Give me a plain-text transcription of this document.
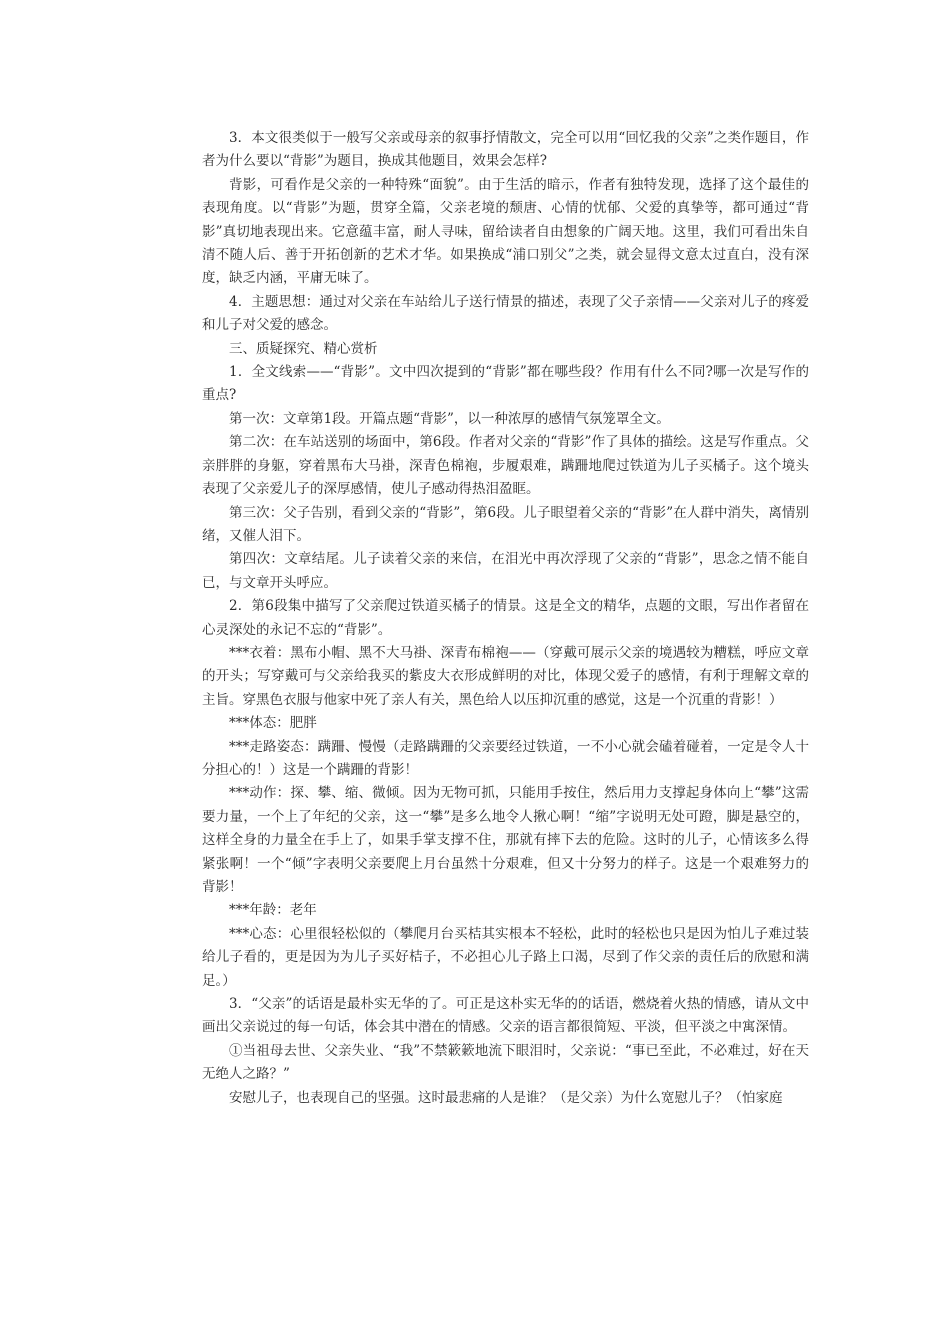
3．本文很类似于一般写父亲或母亲的叙事抒情散文，完全可以用“回忆我的父亲”之类作题目，作者为什么要以“背影”为题目，换成其他题目，效果会怎样?

背影，可看作是父亲的一种特殊“面貌”。由于生活的暗示，作者有独特发现，选择了这个最佳的表现角度。以“背影”为题，贯穿全篇，父亲老境的颓唐、心情的忧郁、父爱的真挚等，都可通过“背影”真切地表现出来。它意蕴丰富，耐人寻味，留给读者自由想象的广阔天地。这里，我们可看出朱自清不随人后、善于开拓创新的艺术才华。如果换成“浦口别父”之类，就会显得文意太过直白，没有深度，缺乏内涵，平庸无味了。

4．主题思想：通过对父亲在车站给儿子送行情景的描述，表现了父子亲情——父亲对儿子的疼爱和儿子对父爱的感念。

三、质疑探究、精心赏析

1．全文线索——“背影”。文中四次提到的“背影”都在哪些段？作用有什么不同?哪一次是写作的重点?

第一次：文章第1段。开篇点题“背影”，以一种浓厚的感情气氛笼罩全文。

第二次：在车站送别的场面中，第6段。作者对父亲的“背影”作了具体的描绘。这是写作重点。父亲胖胖的身躯，穿着黑布大马褂，深青色棉袍，步履艰难，蹒跚地爬过铁道为儿子买橘子。这个境头表现了父亲爱儿子的深厚感情，使儿子感动得热泪盈眶。

第三次：父子告别，看到父亲的“背影”，第6段。儿子眼望着父亲的“背影”在人群中消失，离情别绪，又催人泪下。

第四次：文章结尾。儿子读着父亲的来信，在泪光中再次浮现了父亲的“背影”，思念之情不能自已，与文章开头呼应。

2．第6段集中描写了父亲爬过铁道买橘子的情景。这是全文的精华，点题的文眼，写出作者留在心灵深处的永记不忘的“背影”。

***衣着：黑布小帽、黑不大马褂、深青布棉袍——（穿戴可展示父亲的境遇较为糟糕，呼应文章的开头；写穿戴可与父亲给我买的紫皮大衣形成鲜明的对比，体现父爱子的感情，有利于理解文章的主旨。穿黑色衣服与他家中死了亲人有关，黑色给人以压抑沉重的感觉，这是一个沉重的背影！）

***体态：肥胖

***走路姿态：蹒跚、慢慢（走路蹒跚的父亲要经过铁道，一不小心就会磕着碰着，一定是令人十分担心的！）这是一个蹒跚的背影！

***动作：探、攀、缩、微倾。因为无物可抓，只能用手按住，然后用力支撑起身体向上“攀”这需要力量，一个上了年纪的父亲，这一“攀”是多么地令人揪心啊！“缩”字说明无处可蹬，脚是悬空的，这样全身的力量全在手上了，如果手掌支撑不住，那就有摔下去的危险。这时的儿子，心情该多么得紧张啊！一个“倾”字表明父亲要爬上月台虽然十分艰难，但又十分努力的样子。这是一个艰难努力的背影！

***年龄：老年

***心态：心里很轻松似的（攀爬月台买桔其实根本不轻松，此时的轻松也只是因为怕儿子难过装给儿子看的，更是因为为儿子买好桔子，不必担心儿子路上口渴，尽到了作父亲的责任后的欣慰和满足。）

3．“父亲”的话语是最朴实无华的了。可正是这朴实无华的的话语，燃烧着火热的情感，请从文中画出父亲说过的每一句话，体会其中潜在的情感。父亲的语言都很简短、平淡，但平淡之中寓深情。

①当祖母去世、父亲失业、“我”不禁簌簌地流下眼泪时，父亲说：“事已至此，不必难过，好在天无绝人之路？”

安慰儿子，也表现自己的坚强。这时最悲痛的人是谁？（是父亲）为什么宽慰儿子？（怕家庭
